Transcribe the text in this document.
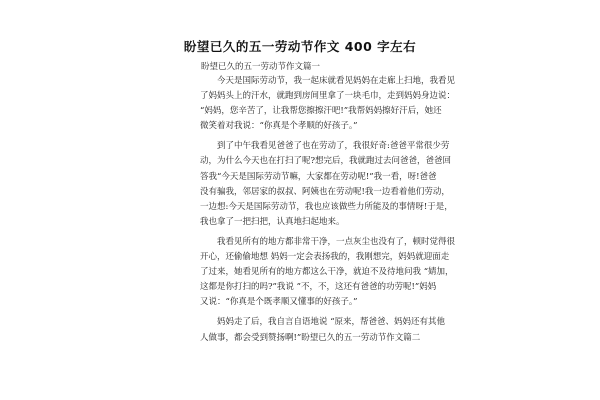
盼望已久的五一劳动节作文 400 字左右
盼望已久的五一劳动节作文篇一
今天是国际劳动节，我一起床就看见妈妈在走廊上扫地，我看见
了妈妈头上的汗水，就跑到房间里拿了一块毛巾，走到妈妈身边说：
“妈妈，您辛苦了，让我帮您擦擦汗吧!”我帮妈妈擦好汗后，她还
微笑着对我说：“你真是个孝顺的好孩子。”
到了中午我看见爸爸了也在劳动了，我很好奇:爸爸平常很少劳
动，为什么今天也在打扫了呢?想完后，我就跑过去问爸爸，爸爸回
答我“今天是国际劳动节嘛，大家都在劳动呢!”我一看，呀!爸爸
没有骗我，邻居家的叔叔、阿姨也在劳动呢!我一边看着他们劳动，
一边想:今天是国际劳动节，我也应该做些力所能及的事情呀!于是，
我也拿了一把扫把，认真地扫起地来。
我看见所有的地方都非常干净，一点灰尘也没有了，顿时觉得很
开心，还偷偷地想 妈妈一定会表扬我的，我刚想完，妈妈就迎面走
了过来，她看见所有的地方都这么干净，就迫不及待地问我 “婧加，
这都是你打扫的吗?”我说 ”不，不，这还有爸爸的功劳呢!”妈妈
又说：“你真是个既孝顺又懂事的好孩子。”
妈妈走了后，我自言自语地说 “原来，帮爸爸、妈妈还有其他
人做事，都会受到赞扬啊!”盼望已久的五一劳动节作文篇二
